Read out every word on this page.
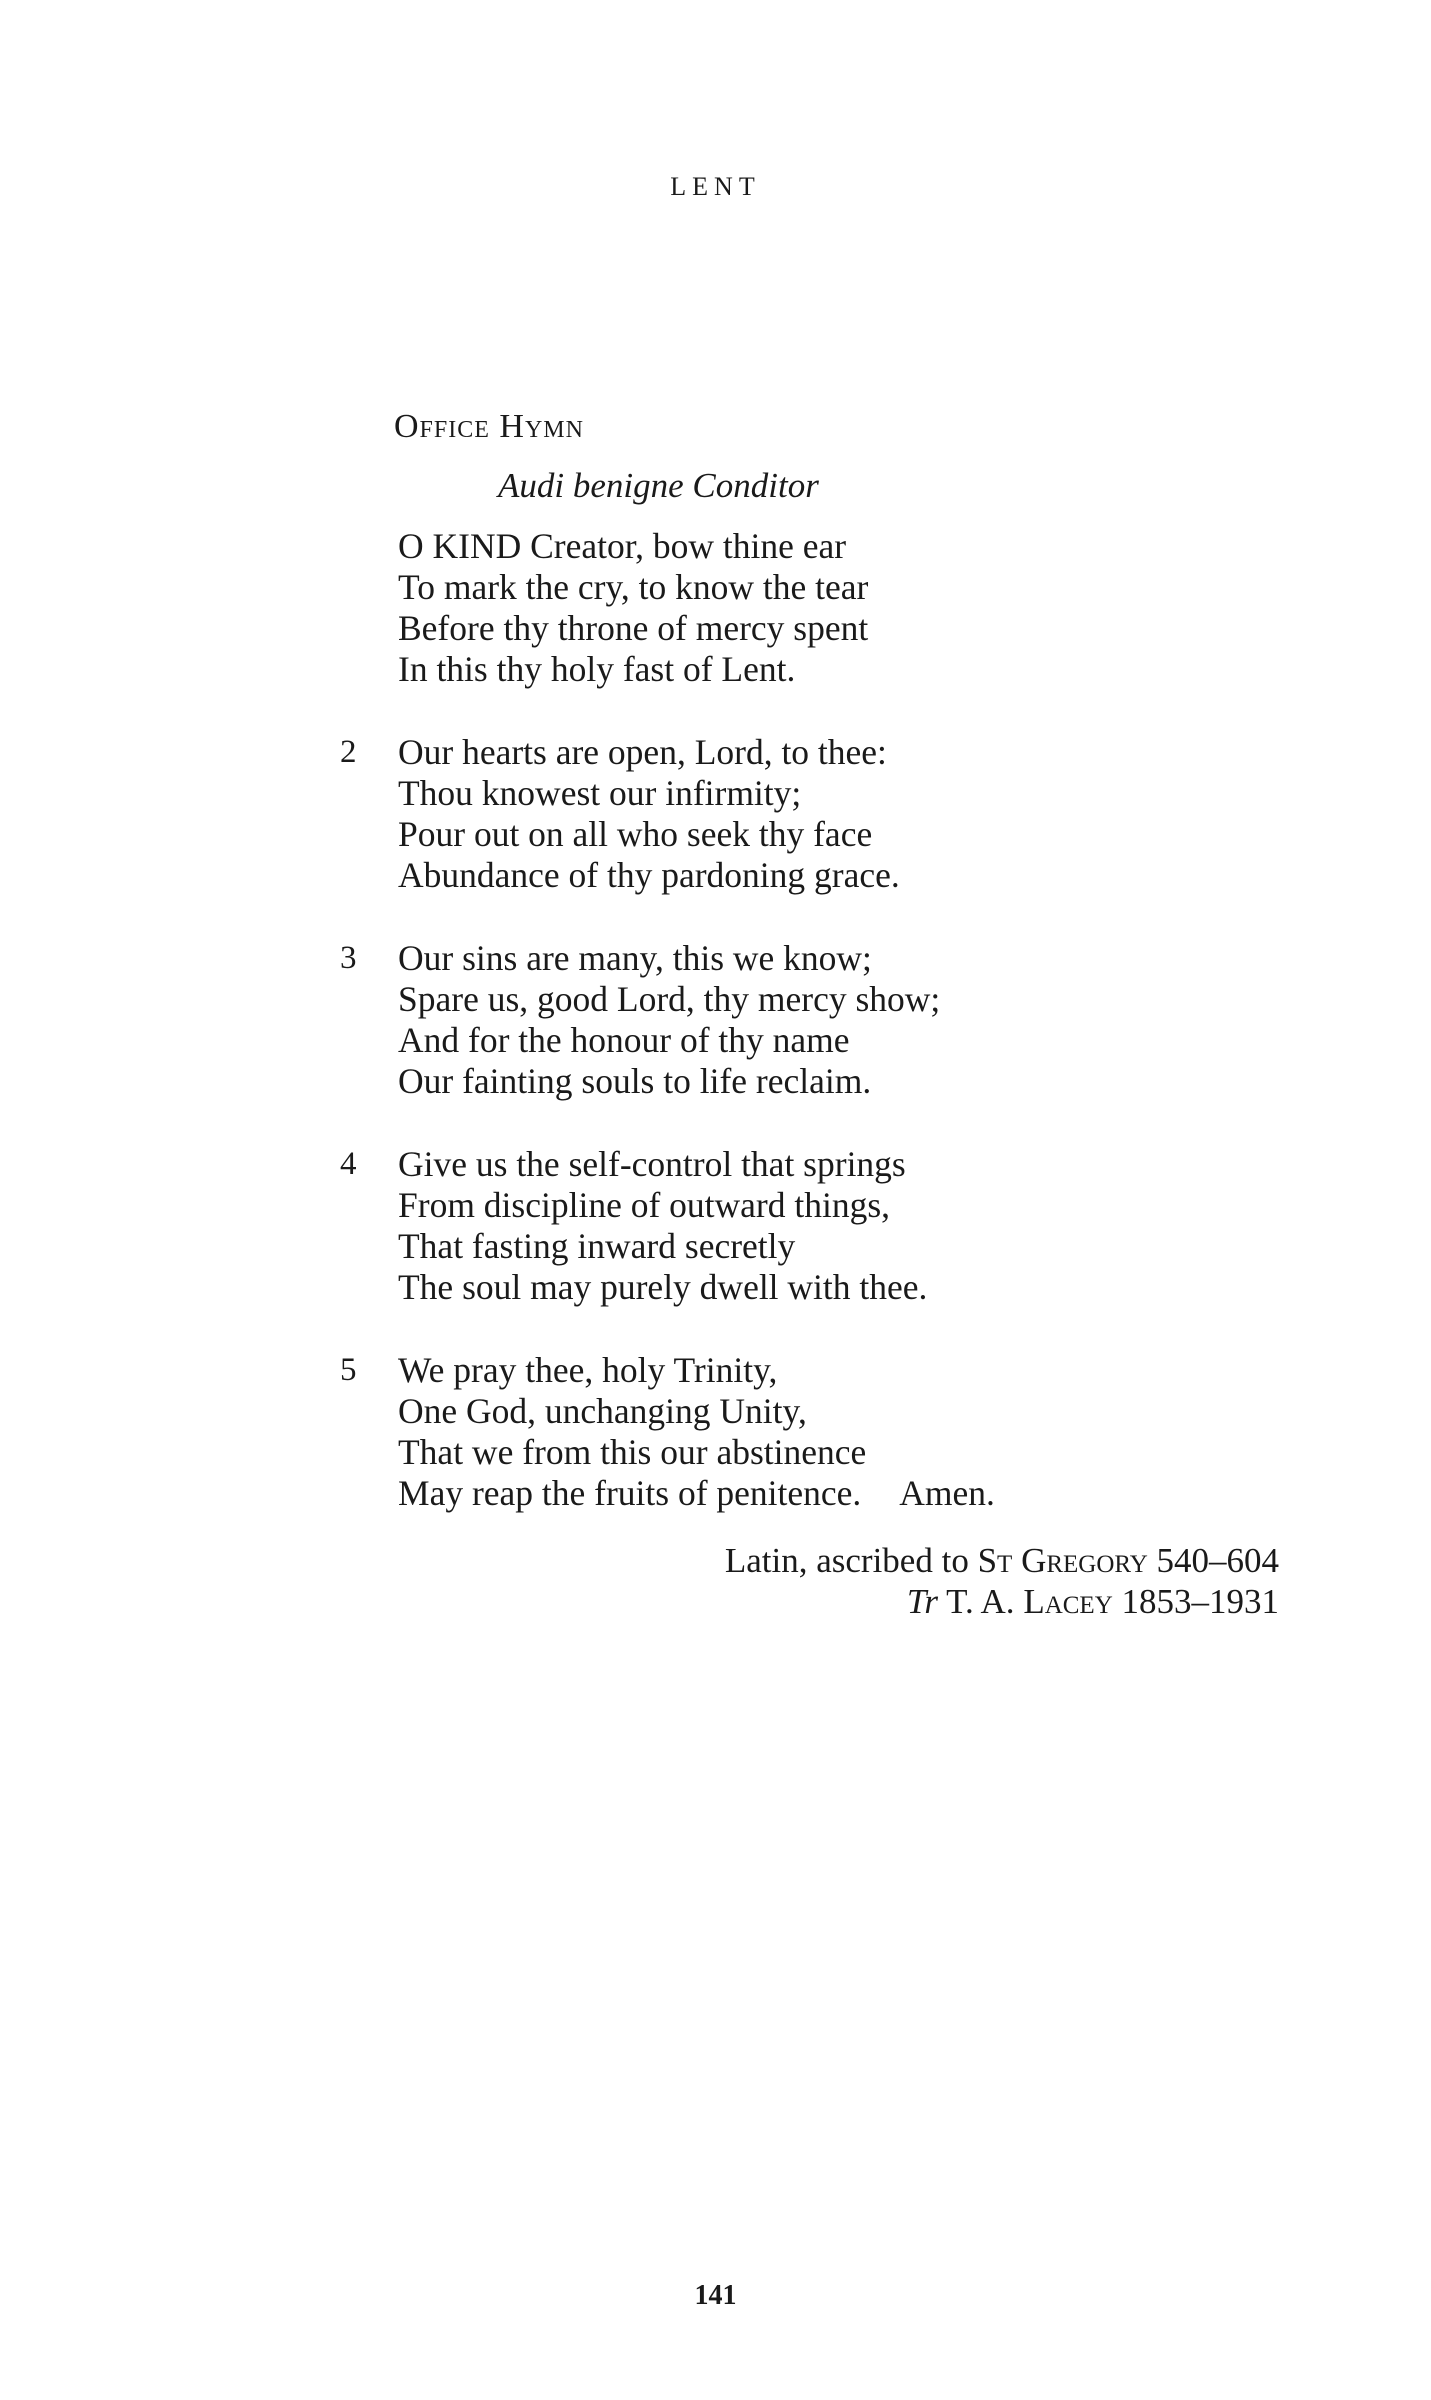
LENT
Office Hymn
Audi benigne Conditor
O KIND Creator, bow thine ear
To mark the cry, to know the tear
Before thy throne of mercy spent
In this thy holy fast of Lent.
2	Our hearts are open, Lord, to thee:
Thou knowest our infirmity;
Pour out on all who seek thy face
Abundance of thy pardoning grace.
3	Our sins are many, this we know;
Spare us, good Lord, thy mercy show;
And for the honour of thy name
Our fainting souls to life reclaim.
4	Give us the self-control that springs
From discipline of outward things,
That fasting inward secretly
The soul may purely dwell with thee.
5	We pray thee, holy Trinity,
One God, unchanging Unity,
That we from this our abstinence
May reap the fruits of penitence. Amen.
Latin, ascribed to St Gregory 540–604
Tr T. A. Lacey 1853–1931
141
